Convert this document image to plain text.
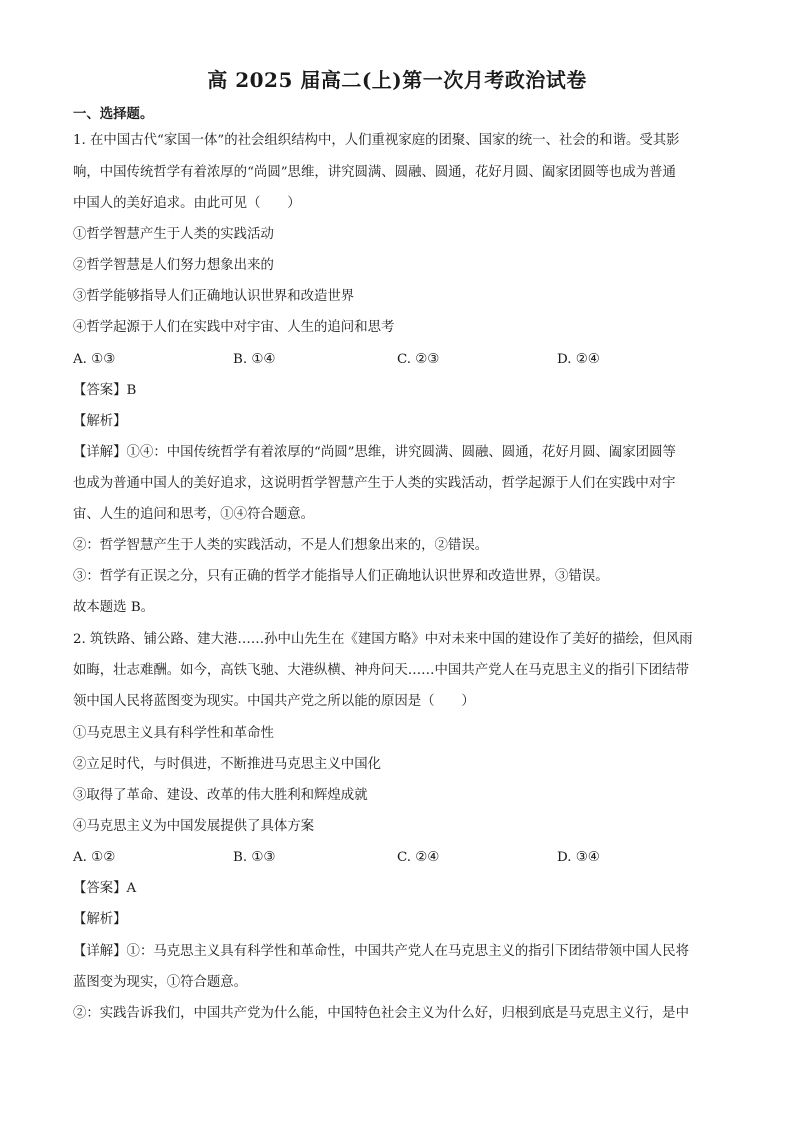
高 2025 届高二(上)第一次月考政治试卷
一、选择题。
1. 在中国古代“家国一体”的社会组织结构中，人们重视家庭的团聚、国家的统一、社会的和谐。受其影
响，中国传统哲学有着浓厚的“尚圆”思维，讲究圆满、圆融、圆通，花好月圆、阖家团圆等也成为普通
中国人的美好追求。由此可见（　　）
①哲学智慧产生于人类的实践活动
②哲学智慧是人们努力想象出来的
③哲学能够指导人们正确地认识世界和改造世界
④哲学起源于人们在实践中对宇宙、人生的追问和思考
A. ①③	B. ①④	C. ②③	D. ②④
【答案】B
【解析】
【详解】①④：中国传统哲学有着浓厚的“尚圆”思维，讲究圆满、圆融、圆通，花好月圆、阖家团圆等
也成为普通中国人的美好追求，这说明哲学智慧产生于人类的实践活动，哲学起源于人们在实践中对宇
宙、人生的追问和思考，①④符合题意。
②：哲学智慧产生于人类的实践活动，不是人们想象出来的，②错误。
③：哲学有正误之分，只有正确的哲学才能指导人们正确地认识世界和改造世界，③错误。
故本题选 B。
2. 筑铁路、铺公路、建大港……孙中山先生在《建国方略》中对未来中国的建设作了美好的描绘，但风雨
如晦，壮志难酬。如今，高铁飞驰、大港纵横、神舟问天……中国共产党人在马克思主义的指引下团结带
领中国人民将蓝图变为现实。中国共产党之所以能的原因是（　　）
①马克思主义具有科学性和革命性
②立足时代，与时俱进，不断推进马克思主义中国化
③取得了革命、建设、改革的伟大胜利和辉煌成就
④马克思主义为中国发展提供了具体方案
A. ①②	B. ①③	C. ②④	D. ③④
【答案】A
【解析】
【详解】①：马克思主义具有科学性和革命性，中国共产党人在马克思主义的指引下团结带领中国人民将
蓝图变为现实，①符合题意。
②：实践告诉我们，中国共产党为什么能，中国特色社会主义为什么好，归根到底是马克思主义行，是中
